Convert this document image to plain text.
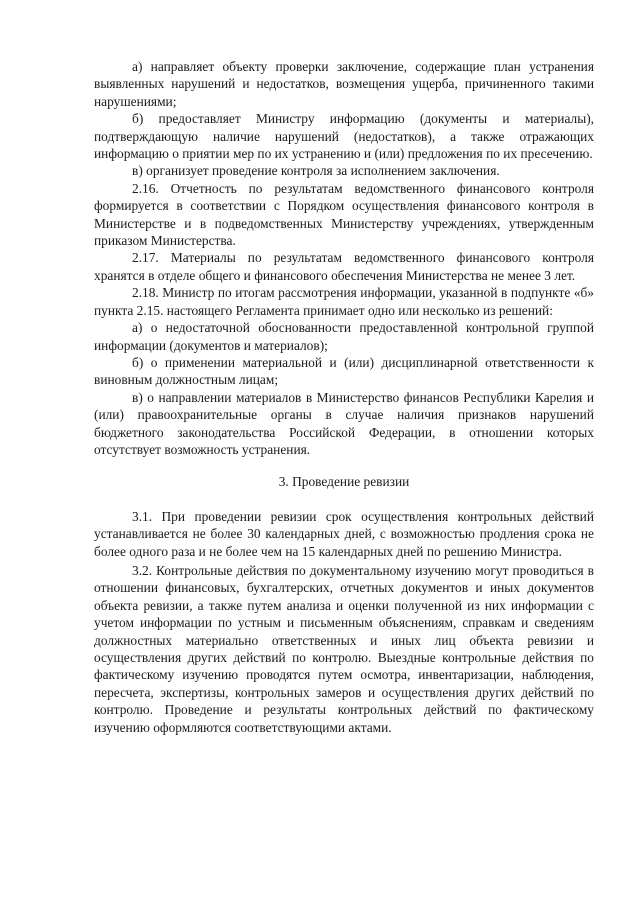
а) направляет объекту проверки заключение, содержащие план устранения выявленных нарушений и недостатков, возмещения ущерба, причиненного такими нарушениями;

б) предоставляет Министру информацию (документы и материалы), подтверждающую наличие нарушений (недостатков), а также отражающих информацию о приятии мер по их устранению и (или) предложения по их пресечению.

в) организует проведение контроля за исполнением заключения.

2.16. Отчетность по результатам ведомственного финансового контроля формируется в соответствии с Порядком осуществления финансового контроля в Министерстве и в подведомственных Министерству учреждениях, утвержденным приказом Министерства.

2.17. Материалы по результатам ведомственного финансового контроля хранятся в отделе общего и финансового обеспечения Министерства не менее 3 лет.

2.18. Министр по итогам рассмотрения информации, указанной в подпункте «б» пункта 2.15. настоящего Регламента принимает одно или несколько из решений:

а) о недостаточной обоснованности предоставленной контрольной группой информации (документов и материалов);

б) о применении материальной и (или) дисциплинарной ответственности к виновным должностным лицам;

в) о направлении материалов в Министерство финансов Республики Карелия и (или) правоохранительные органы в случае наличия признаков нарушений бюджетного законодательства Российской Федерации, в отношении которых отсутствует возможность устранения.

3. Проведение ревизии

3.1. При проведении ревизии срок осуществления контрольных действий устанавливается не более 30 календарных дней, с возможностью продления срока не более одного раза и не более чем на 15 календарных дней по решению Министра.

3.2. Контрольные действия по документальному изучению могут проводиться в отношении финансовых, бухгалтерских, отчетных документов и иных документов объекта ревизии, а также путем анализа и оценки полученной из них информации с учетом информации по устным и письменным объяснениям, справкам и сведениям должностных материально ответственных и иных лиц объекта ревизии и осуществления других действий по контролю. Выездные контрольные действия по фактическому изучению проводятся путем осмотра, инвентаризации, наблюдения, пересчета, экспертизы, контрольных замеров и осуществления других действий по контролю. Проведение и результаты контрольных действий по фактическому изучению оформляются соответствующими актами.
